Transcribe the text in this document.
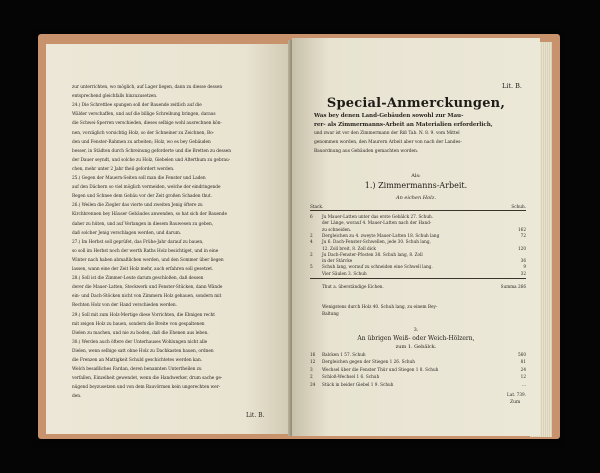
zur unterrichten, wo möglich, auf Lager liegen, dann zu diesse dessen
entsprechend gleichfalls hinzuzusetzen.
24.) Die Schrettlee spungen soll der Bauende zeitlich auf die
Wälder verschaffen, und auf die billige Schreibung bringen, daraus
die Schwei-Sperren verschieden, dieses selbige wohl ausrechnen kön-
nen, vorzäglich vorsichtig Holz, so der Schneiner zu Zeichnen, Bo-
den und Fenster-Rahmen zu arbeiten; Holz, wo es bey Gebäuden
besser, in Städten durch Schreinung geforderte und die Bretten zu dessen
der Dauer seyndt, und solche zu Holz, Giebelen und Alterthum zu gebrau-
chen, mehr unter 2 Jahr theil gefordert werden.
25.) Gegen der Mauern-Seiten soll man die Fenster und Laden
auf den Dächern so viel möglich vermeiden, welche der eindringende
Regen und Schnee dem Gebäu vor der Zeit großen Schaden thut.
26.) Weilen die Ziegler das vierte und zweiten Jenig öftere zu
Kirchbrennen bey Häuser Gebäudes anwenden, so hat sich der Bauende
daher zu hüten, und auf Verlangen in diesem Bauwesen zu geben,
daß solcher Jenig verschlagen werden, und darum.
27.) Im Herbst soll geprüfet, das Frühe-Jahr darauf zu bauen,
so soll im Herbst noch der werth Raths Holz besichtiget, und in eine
Winter nach haben abmaßlichen werden, und den Sommer über liegen
lassen, wann eine der Zeit Holz mehr, auch erfahren soll gesetzet.
28.) Soll ist die Zimmer-Leute darum geschloßen, daß dessen
derer die Mauer-Latten, Steckwerk und Fenster-Stücken, dann Wände
ein- und Dach-Stöcken nicht von Zimmern Holz gehauen, sondern mit
Rechten Holz von der Hand verschieden werden.
29.) Soll mit zum Holz-Mertige diese Vorrichten, die Ebnigen recht
mit zeigen Holz zu bauen, sondern die Breite von gespaltenen
Dielen zu machen, und nie zu boden, daß die Ehenen aus leben.
30.) Werden auch öftere der Unterhauses Wohlungen nicht alle
Dielen, wenn selbige satt ohne Holz zu Dachkasten bauen, ordnen
die Frenzen an Mattigkeit Schuld geschichtetes werden kan.
Welch besaßliches Fardan, deren benannten Untertheilen zu
verfallen, Einzelheit gewendet, wenn die Handwerker, drum sache ge-
nügend beyzusetzen und von dem Bauvörmen kein ungerechten wer-
den.
Lit. B.
Lit. B.
Special-Anmerckungen,
Was bey denen Land-Gebäuden sowohl zur Mau-
rer- als Zimmermanns-Arbeit an Materialien erforderlich,
und zwar ist vor den Zimmermann der Riß Tab. N. 8. 9. vom Mittel
genommen worden, den Maurern Arbeit aber von nach der Landes-
Bauordnung aus Gebäuden gemachten worden.
Als:
1.) Zimmermanns-Arbeit.
An eichen Holz.
Stack.	Schuh.
6 Ju Mauer-Latten unter das erste Gebälck 27. Schuh.
der Länge, worauf 4. Mauer-Latten nach der Hand-
zu schneiden.	162
2 Dergleichen zu 4. zweyte Mauer-Latten 18. Schuh lang	72
4 Ju 6. Dach-Fenster-Schwellen, jede 30. Schuh lang,
12. Zoll breit, 8. Zoll dick	120
2 Ju Dach-Fenster-Pfosten 38. Schuh lang, 8. Zoll
in der Stärcke	36
5 Schuh lang, worauf zu schneiden eine Schwell lang.	9
Vier Säulen 3. Schuh	32
Thut a. überständige Eichen.	Summa 266
Wenigstens durch Holz 40. Schuh lang, zu einem Bey-
Baltung
3.
An übrigen Weiß- oder Weich-Hölzern,
zum 1. Gebälck.
16 Balcken 1 57. Schuh	560
12 Dergleichen gegen der Stiegen 1 26. Schuh	81
3 Wechsel über die Fenster Thür und Stiegen 1 8. Schuh	24
2 Schloß-Wechsel 1 6. Schuh	12
24 Stück in beider Giebel 1 9. Schuh	...
Lat. 739.
Zum
